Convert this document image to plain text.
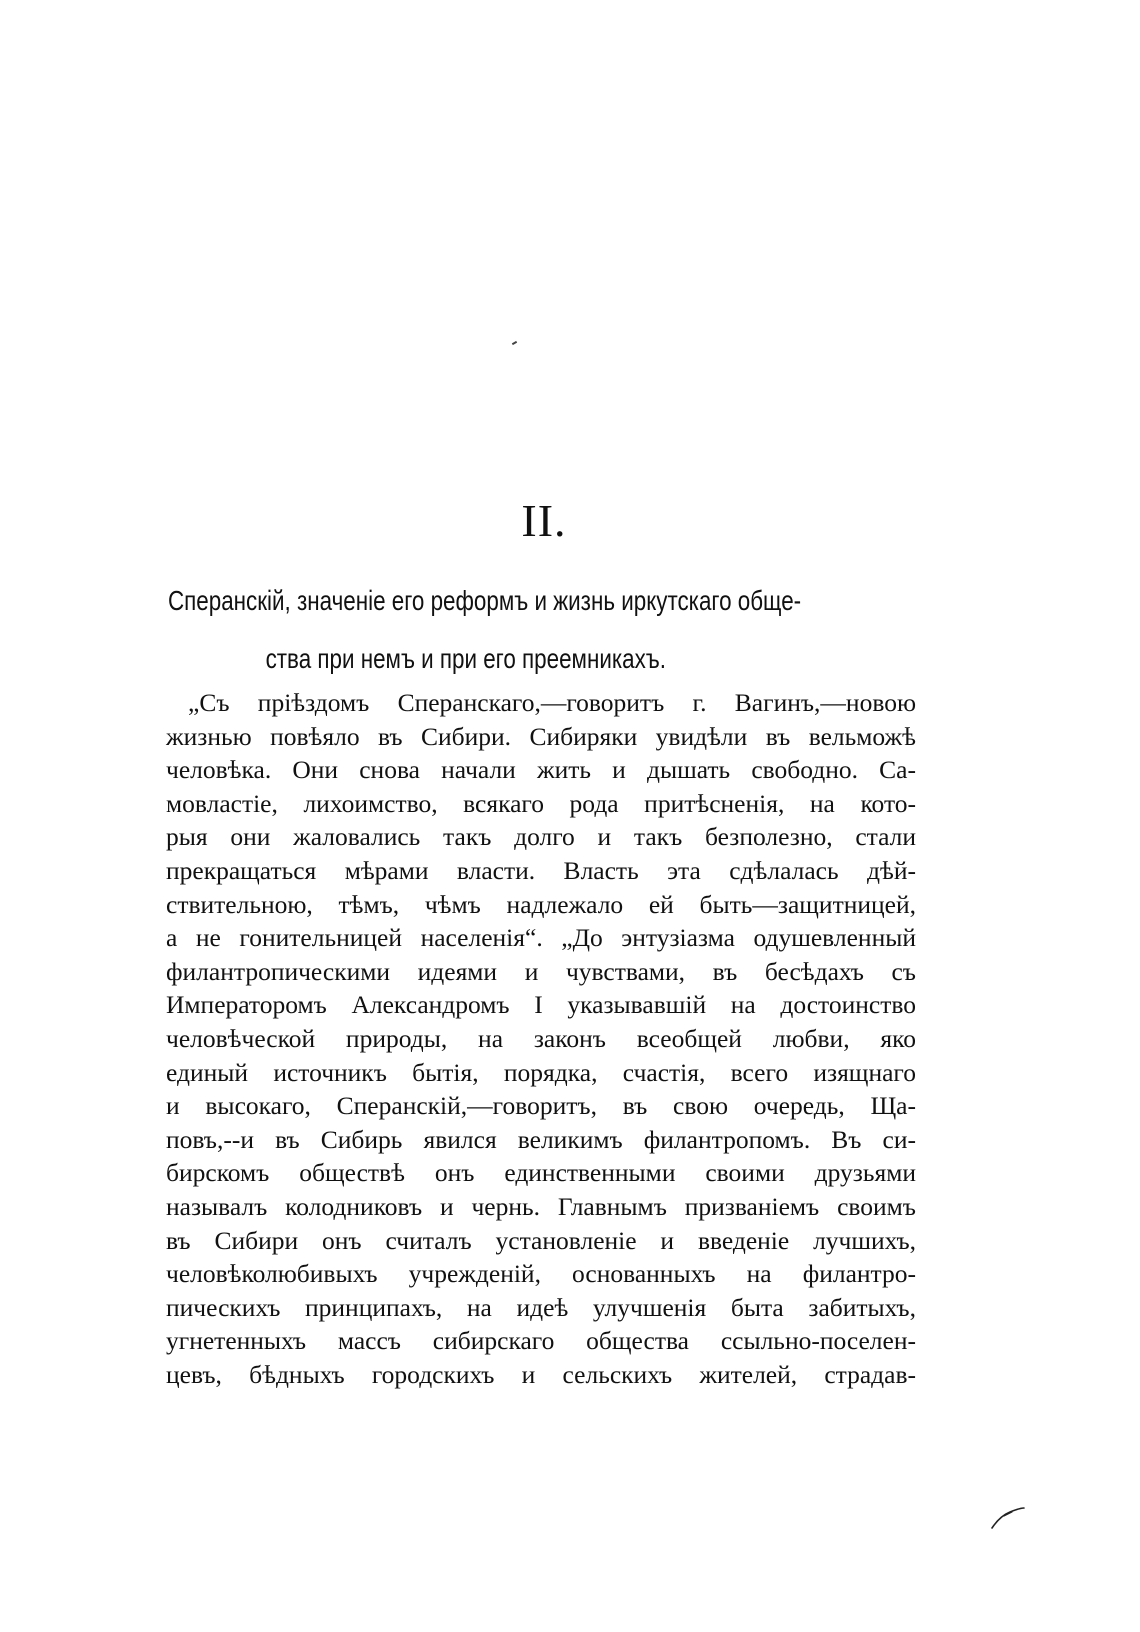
II.
Сперанскій, значеніе его реформъ и жизнь иркутскаго обще-
ства при немъ и при его преемникахъ.
„Съ пріѣздомъ Сперанскаго,—говоритъ г. Вагинъ,—новою
жизнью повѣяло въ Сибири. Сибиряки увидѣли въ вельможѣ
человѣка. Они снова начали жить и дышать свободно. Са-
мовластіе, лихоимство, всякаго рода притѣсненія, на кото-
рыя они жаловались такъ долго и такъ безполезно, стали
прекращаться мѣрами власти. Власть эта сдѣлалась дѣй-
ствительною, тѣмъ, чѣмъ надлежало ей быть—защитницей,
а не гонительницей населенія“. „До энтузіазма одушевленный
филантропическими идеями и чувствами, въ бесѣдахъ съ
Императоромъ Александромъ I указывавшій на достоинство
человѣческой природы, на законъ всеобщей любви, яко
единый источникъ бытія, порядка, счастія, всего изящнаго
и высокаго, Сперанскій,—говоритъ, въ свою очередь, Ща-
повъ,--и въ Сибирь явился великимъ филантропомъ. Въ си-
бирскомъ обществѣ онъ единственными своими друзьями
называлъ колодниковъ и чернь. Главнымъ призваніемъ своимъ
въ Сибири онъ считалъ установленіе и введеніе лучшихъ,
человѣколюбивыхъ учрежденій, основанныхъ на филантро-
пическихъ принципахъ, на идеѣ улучшенія быта забитыхъ,
угнетенныхъ массъ сибирскаго общества ссыльно-поселен-
цевъ, бѣдныхъ городскихъ и сельскихъ жителей, страдав-
